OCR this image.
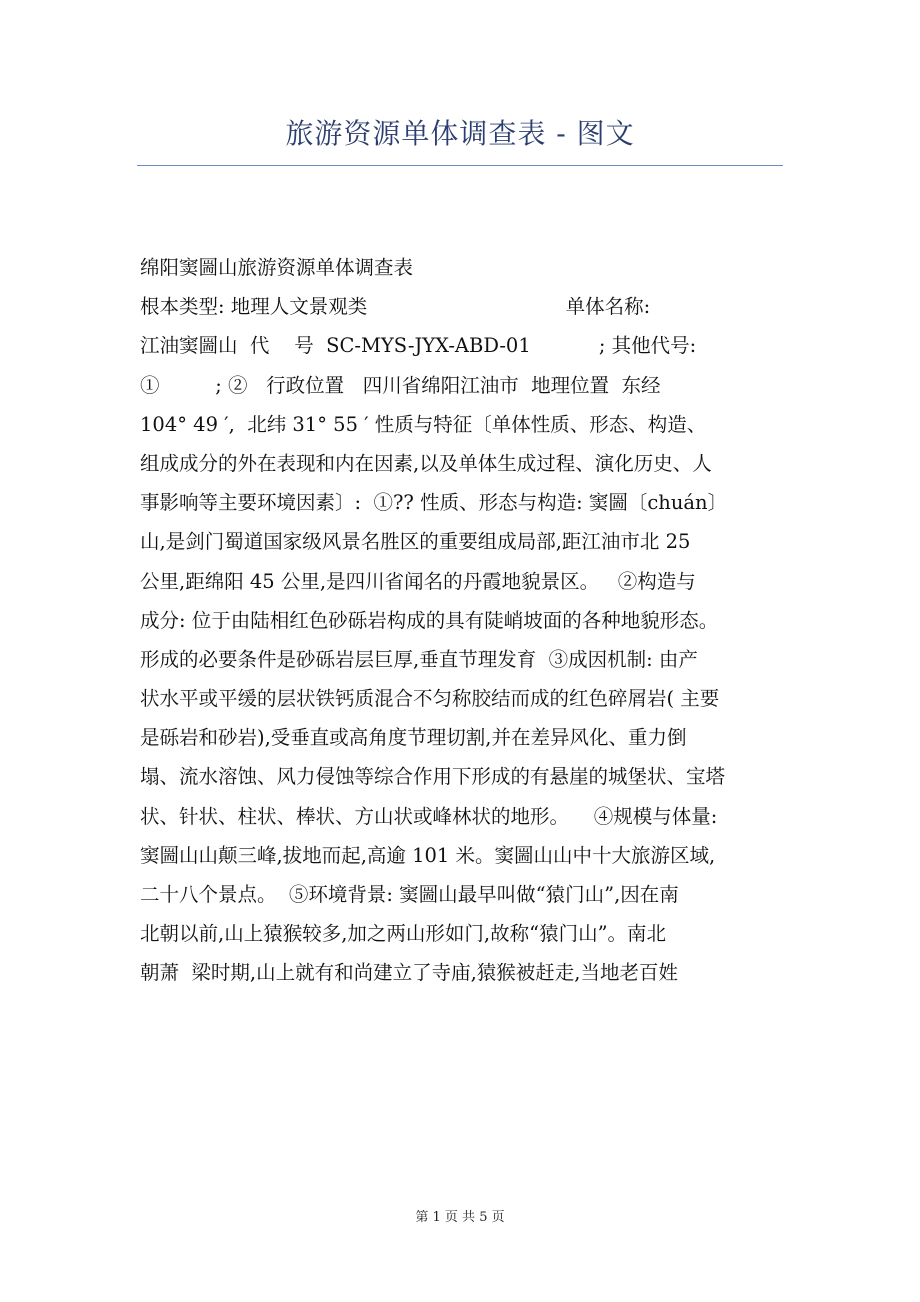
旅游资源单体调查表 - 图文
绵阳窦圌山旅游资源单体调查表
根本类型: 地理人文景观类                                单体名称:
江油窦圌山  代    号  SC-MYS-JYX-ABD-01           ; 其他代号:
①         ; ②   行政位置   四川省绵阳江油市  地理位置  东经
104° 49 ′,  北纬 31° 55 ′ 性质与特征〔单体性质、形态、构造、
组成成分的外在表现和内在因素,以及单体生成过程、演化历史、人
事影响等主要环境因素〕:  ①?? 性质、形态与构造: 窦圌〔chuán〕
山,是剑门蜀道国家级风景名胜区的重要组成局部,距江油市北 25
公里,距绵阳 45 公里,是四川省闻名的丹霞地貌景区。   ②构造与
成分: 位于由陆相红色砂砾岩构成的具有陡峭坡面的各种地貌形态。
形成的必要条件是砂砾岩层巨厚,垂直节理发育  ③成因机制: 由产
状水平或平缓的层状铁钙质混合不匀称胶结而成的红色碎屑岩( 主要
是砾岩和砂岩),受垂直或高角度节理切割,并在差异风化、重力倒
塌、流水溶蚀、风力侵蚀等综合作用下形成的有悬崖的城堡状、宝塔
状、针状、柱状、棒状、方山状或峰林状的地形。    ④规模与体量:
窦圌山山颠三峰,拔地而起,高逾 101 米。窦圌山山中十大旅游区域,
二十八个景点。  ⑤环境背景: 窦圌山最早叫做“猿门山”,因在南
北朝以前,山上猿猴较多,加之两山形如门,故称“猿门山”。南北
朝萧  梁时期,山上就有和尚建立了寺庙,猿猴被赶走,当地老百姓
第 1 页 共 5 页
